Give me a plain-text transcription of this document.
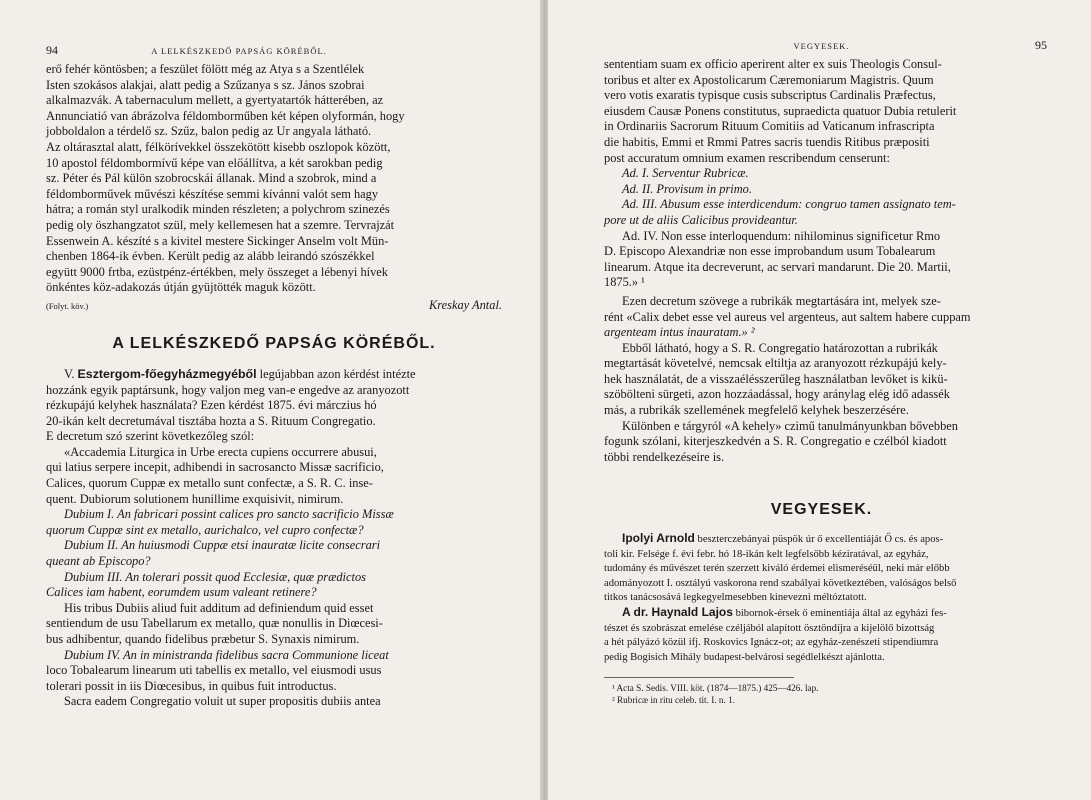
94	A LELKÉSZKEDŐ PAPSÁG KÖRÉBŐL.

erő fehér köntösben; a feszület fölött még az Atya s a Szentlélek

Isten szokásos alakjai, alatt pedig a Szűzanya s sz. János szobrai

alkalmazvák. A tabernaculum mellett, a gyertyatartók hátterében, az

Annunciatió van ábrázolva féldomborműben két képen olyformán, hogy

jobboldalon a térdelő sz. Szűz, balon pedig az Ur angyala látható.

Az oltárasztal alatt, félkörívekkel összekötött kisebb oszlopok között,

10 apostol féldombormívű képe van előállítva, a két sarokban pedig

sz. Péter és Pál külön szobrocskái állanak. Mind a szobrok, mind a

féldomborművek művészi készítése semmi kívánni valót sem hagy

hátra; a román styl uralkodik minden részleten; a polychrom szinezés

pedig oly öszhangzatot szül, mely kellemesen hat a szemre. Tervrajzát

Essenwein A. készíté s a kivitel mestere Sickinger Anselm volt Mün-

chenben 1864-ik évben. Került pedig az alább leirandó szószékkel

együtt 9000 frtba, ezüstpénz-értékben, mely összeget a lébenyi hívek

önkéntes köz-adakozás útján gyüjtötték maguk között.

(Folyt. köv.)	Kreskay Antal.
A LELKÉSZKEDŐ PAPSÁG KÖRÉBŐL.

V. Esztergom-főegyházmegyéből legújabban azon kérdést intézte

hozzánk egyik paptársunk, hogy valjon meg van-e engedve az aranyozott

rézkupájú kelyhek használata? Ezen kérdést 1875. évi márczius hó

20-ikán kelt decretumával tisztába hozta a S. Rituum Congregatio.

E decretum szó szerint következőleg szól:

«Accademia Liturgica in Urbe erecta cupiens occurrere abusui,

qui latius serpere incepit, adhibendi in sacrosancto Missæ sacrificio,

Calices, quorum Cuppæ ex metallo sunt confectæ, a S. R. C. inse-

quent. Dubiorum solutionem hunillime exquisivit, nimirum.

Dubium I. An fabricari possint calices pro sancto sacrificio Missæ

quorum Cuppæ sint ex metallo, aurichalco, vel cupro confectæ?

Dubium II. An huiusmodi Cuppæ etsi inauratæ licite consecrari

queant ab Episcopo?

Dubium III. An tolerari possit quod Ecclesiæ, quæ prædictos

Calices iam habent, eorumdem usum valeant retinere?

His tribus Dubiis aliud fuit additum ad definiendum quid esset

sentiendum de usu Tabellarum ex metallo, quæ nonullis in Diœcesi-

bus adhibentur, quando fidelibus præbetur S. Synaxis nimirum.

Dubium IV. An in ministranda fidelibus sacra Communione liceat

loco Tobalearum linearum uti tabellis ex metallo, vel eiusmodi usus

tolerari possit in iis Diœcesibus, in quibus fuit introductus.

Sacra eadem Congregatio voluit ut super propositis dubiis antea

VEGYESEK.	95

sententiam suam ex officio aperirent alter ex suis Theologis Consul-

toribus et alter ex Apostolicarum Cæremoniarum Magistris. Quum

vero votis exaratis typisque cusis subscriptus Cardinalis Præfectus,

eiusdem Causæ Ponens constitutus, supraedicta quatuor Dubia retulerit

in Ordinariis Sacrorum Rituum Comitiis ad Vaticanum infrascripta

die habitis, Emmi et Rmmi Patres sacris tuendis Ritibus præpositi

post accuratum omnium examen rescribendum censerunt:

Ad. I. Serventur Rubricæ.

Ad. II. Provisum in primo.

Ad. III. Abusum esse interdicendum: congruo tamen assignato tem-

pore ut de aliis Calicibus provideantur.

Ad. IV. Non esse interloquendum: nihilominus significetur Rmo

D. Episcopo Alexandriæ non esse improbandum usum Tobalearum

linearum. Atque ita decreverunt, ac servari mandarunt. Die 20. Martii,

1875.» ¹

Ezen decretum szövege a rubrikák megtartására int, melyek sze-

rént «Calix debet esse vel aureus vel argenteus, aut saltem habere cuppam

argenteam intus inauratam.» ²

Ebből látható, hogy a S. R. Congregatio határozottan a rubrikák

megtartását követelvé, nemcsak eltiltja az aranyozott rézkupájú kely-

hek használatát, de a visszaélésszerűleg használatban levőket is kikü-

szöbölteni sürgeti, azon hozzáadással, hogy aránylag elég idő adassék

más, a rubrikák szellemének megfelelő kelyhek beszerzésére.

Különben e tárgyról «A kehely» czimű tanulmányunkban bővebben

fogunk szólani, kiterjeszkedvén a S. R. Congregatio e czélból kiadott

többi rendelkezéseire is.

VEGYESEK.

Ipolyi Arnold beszterczebányai püspök úr ő excellentiáját Ő cs. és apos-

toli kir. Felsége f. évi febr. hó 18-ikán kelt legfelsőbb kéziratával, az egyház,

tudomány és művészet terén szerzett kiváló érdemei elismeréséül, neki már előbb

adományozott I. osztályú vaskorona rend szabályai következtében, valóságos belső

titkos tanácsosává legkegyelmesebben kinevezni méltóztatott.

A dr. Haynald Lajos bibornok-érsek ő eminentiája által az egyházi fes-

tészet és szobrászat emelése czéljából alapított ösztöndíjra a kijelölő bizottság

a hét pályázó közül ifj. Roskovics Ignácz-ot; az egyház-zenészeti stipendiumra

pedig Bogisich Mihály budapest-belvárosi segédlelkészt ajánlotta.

¹ Acta S. Sedis. VIII. köt. (1874—1875.) 425—426. lap.

² Rubricæ in ritu celeb. tit. I. n. 1.
